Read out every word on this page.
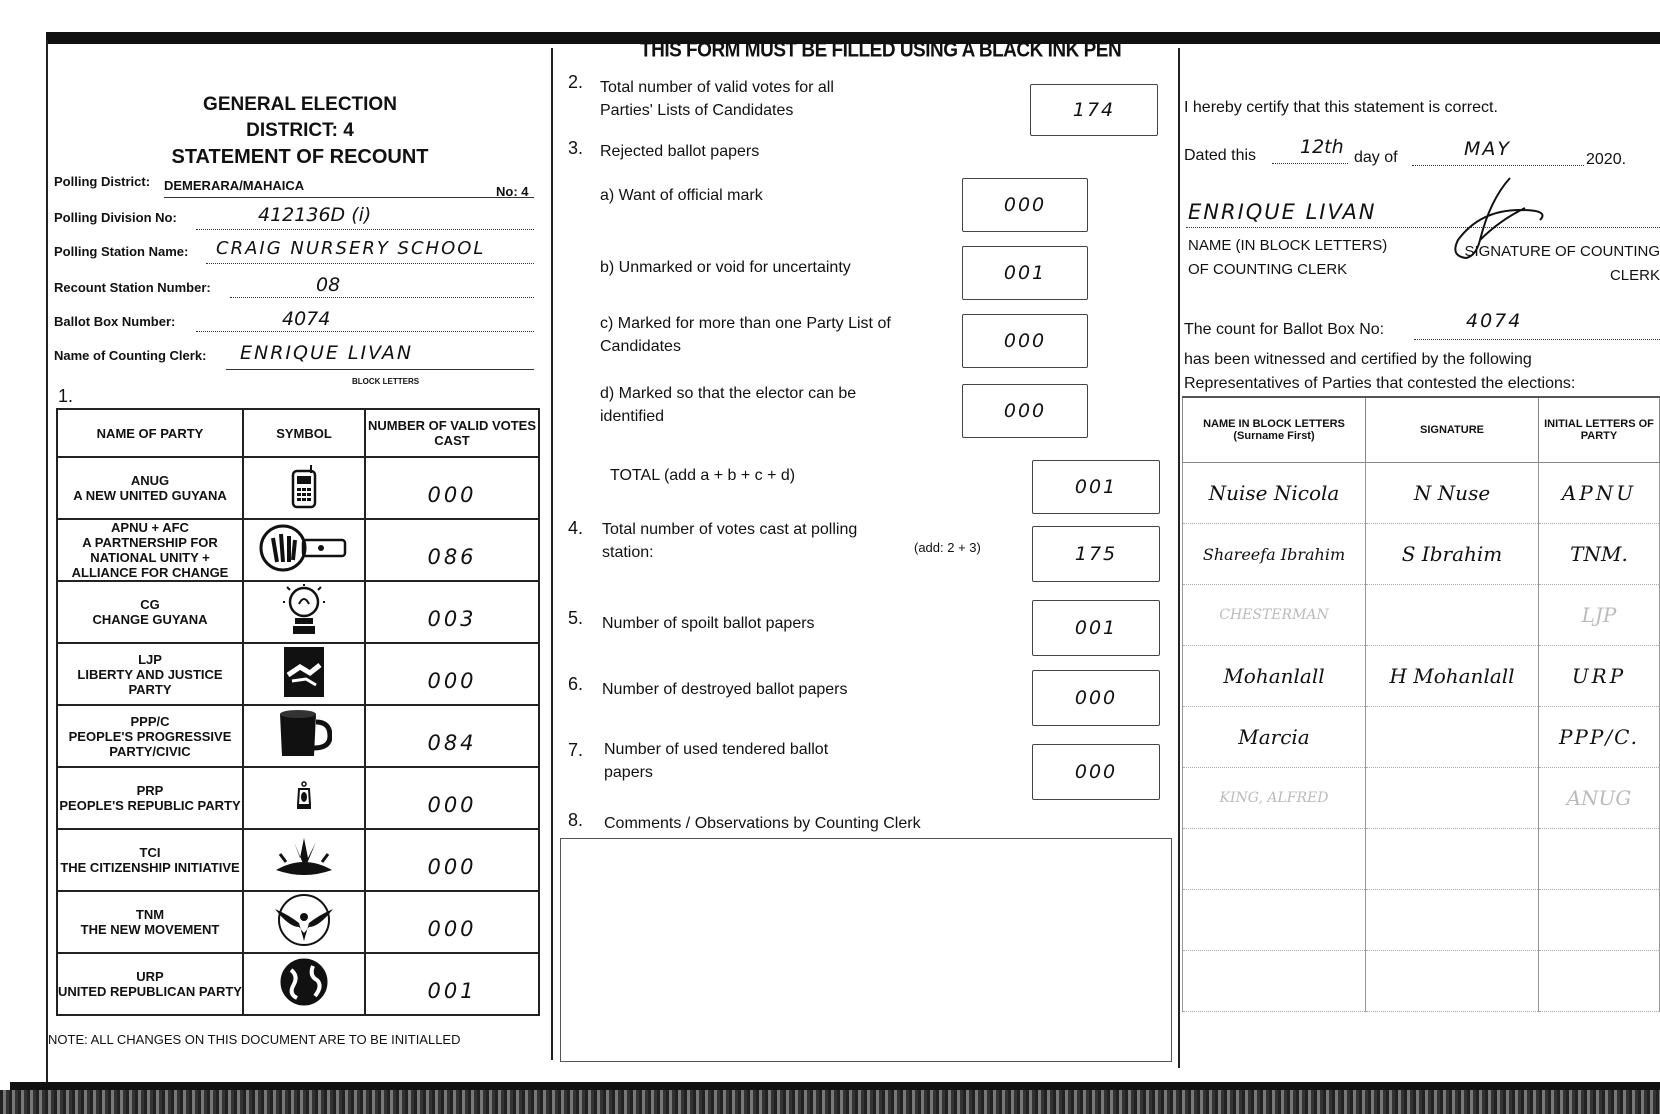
THIS FORM MUST BE FILLED USING A BLACK INK PEN
GENERAL ELECTION
DISTRICT: 4
STATEMENT OF RECOUNT
Polling District: DEMERARA/MAHAICA	No: 4
Polling Division No:	412136D (i)
Polling Station Name: CRAIG NURSERY SCHOOL
Recount Station Number:	08
Ballot Box Number:	4074
Name of Counting Clerk: ENRIQUE LIVAN
BLOCK LETTERS
1.
NAME OF PARTY	SYMBOL	NUMBER OF VALID VOTES CAST
ANUG
A NEW UNITED GUYANA		000
APNU + AFC
A PARTNERSHIP FOR NATIONAL UNITY + ALLIANCE FOR CHANGE		086
CG
CHANGE GUYANA		003
LJP
LIBERTY AND JUSTICE PARTY		000
PPP/C
PEOPLE'S PROGRESSIVE PARTY/CIVIC		084
PRP
PEOPLE'S REPUBLIC PARTY		000
TCI
THE CITIZENSHIP INITIATIVE		000
TNM
THE NEW MOVEMENT		000
URP
UNITED REPUBLICAN PARTY		001
NOTE: ALL CHANGES ON THIS DOCUMENT ARE TO BE INITIALLED
2. Total number of valid votes for all
Parties' Lists of Candidates	174
3. Rejected ballot papers
a) Want of official mark	000
b) Unmarked or void for uncertainty	001
c) Marked for more than one Party List of
Candidates	000
d) Marked so that the elector can be
identified	000
TOTAL (add a + b + c + d)
001
4. Total number of votes cast at polling
station:	(add: 2 + 3)	175
5. Number of spoilt ballot papers	001
6. Number of destroyed ballot papers	000
7. Number of used tendered ballot
papers	000
8. Comments / Observations by Counting Clerk
I hereby certify that this statement is correct.
Dated this 12th day of	MAY	2020.
ENRIQUE LIVAN
NAME (IN BLOCK LETTERS)
OF COUNTING CLERK
SIGNATURE OF COUNTING
CLERK
The count for Ballot Box No:	4074
has been witnessed and certified by the following
Representatives of Parties that contested the elections:
NAME IN BLOCK LETTERS (Surname First)	SIGNATURE	INITIAL LETTERS OF PARTY
Nuise Nicola	N Nuse	APNU
Shareefa Ibrahim	S Ibrahim	TNM.
CHESTERMAN		LJP
Mohanlall	H Mohanlall	URP
Marcia		PPP/C.
KING, ALFRED		ANUG
